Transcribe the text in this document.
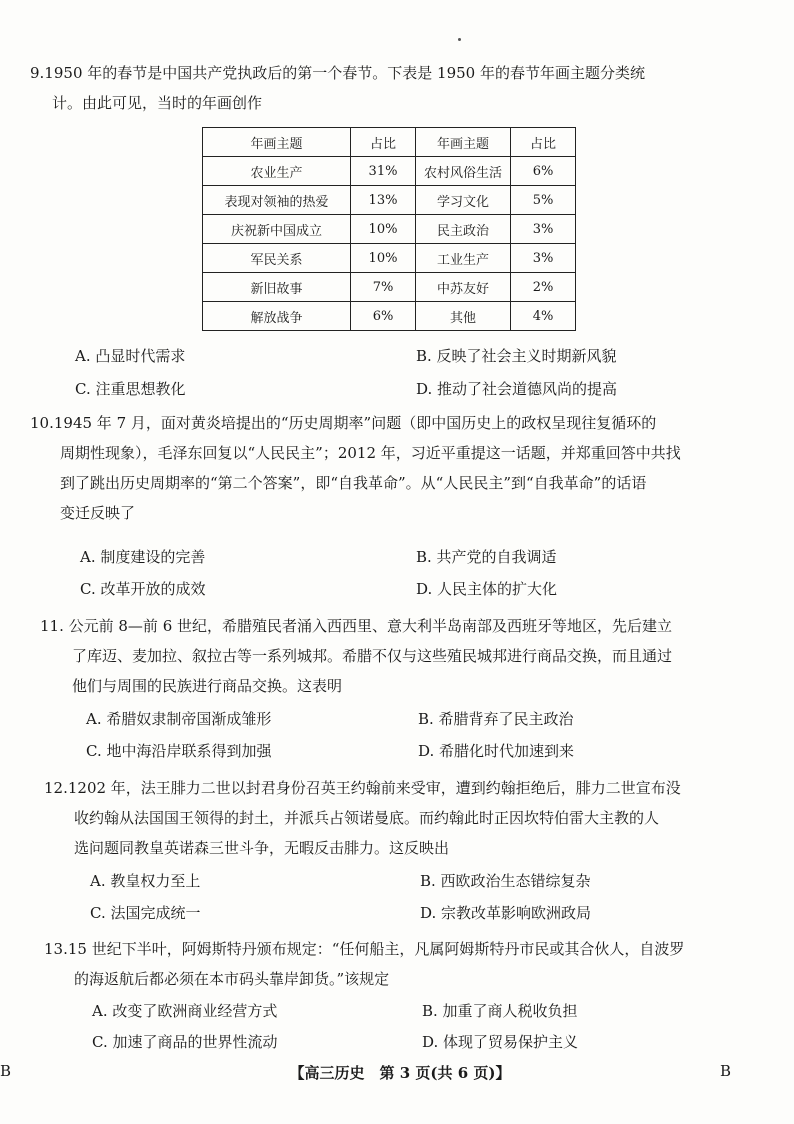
9.1950 年的春节是中国共产党执政后的第一个春节。下表是 1950 年的春节年画主题分类统
计。由此可见，当时的年画创作
年画主题	占比	年画主题	占比
农业生产	31%	农村风俗生活	6%
表现对领袖的热爱	13%	学习文化	5%
庆祝新中国成立	10%	民主政治	3%
军民关系	10%	工业生产	3%
新旧故事	7%	中苏友好	2%
解放战争	6%	其他	4%
A. 凸显时代需求	B. 反映了社会主义时期新风貌
C. 注重思想教化	D. 推动了社会道德风尚的提高
10.1945 年 7 月，面对黄炎培提出的“历史周期率”问题（即中国历史上的政权呈现往复循环的
周期性现象），毛泽东回复以“人民民主”；2012 年，习近平重提这一话题，并郑重回答中共找
到了跳出历史周期率的“第二个答案”，即“自我革命”。从“人民民主”到“自我革命”的话语
变迁反映了
A. 制度建设的完善	B. 共产党的自我调适
C. 改革开放的成效	D. 人民主体的扩大化
11. 公元前 8—前 6 世纪，希腊殖民者涌入西西里、意大利半岛南部及西班牙等地区，先后建立
了库迈、麦加拉、叙拉古等一系列城邦。希腊不仅与这些殖民城邦进行商品交换，而且通过
他们与周围的民族进行商品交换。这表明
A. 希腊奴隶制帝国渐成雏形	B. 希腊背弃了民主政治
C. 地中海沿岸联系得到加强	D. 希腊化时代加速到来
12.1202 年，法王腓力二世以封君身份召英王约翰前来受审，遭到约翰拒绝后，腓力二世宣布没
收约翰从法国国王领得的封土，并派兵占领诺曼底。而约翰此时正因坎特伯雷大主教的人
选问题同教皇英诺森三世斗争，无暇反击腓力。这反映出
A. 教皇权力至上	B. 西欧政治生态错综复杂
C. 法国完成统一	D. 宗教改革影响欧洲政局
13.15 世纪下半叶，阿姆斯特丹颁布规定：“任何船主，凡属阿姆斯特丹市民或其合伙人，自波罗
的海返航后都必须在本市码头靠岸卸货。”该规定
A. 改变了欧洲商业经营方式	B. 加重了商人税收负担
C. 加速了商品的世界性流动	D. 体现了贸易保护主义
B	【高三历史　第 3 页(共 6 页)】	B
